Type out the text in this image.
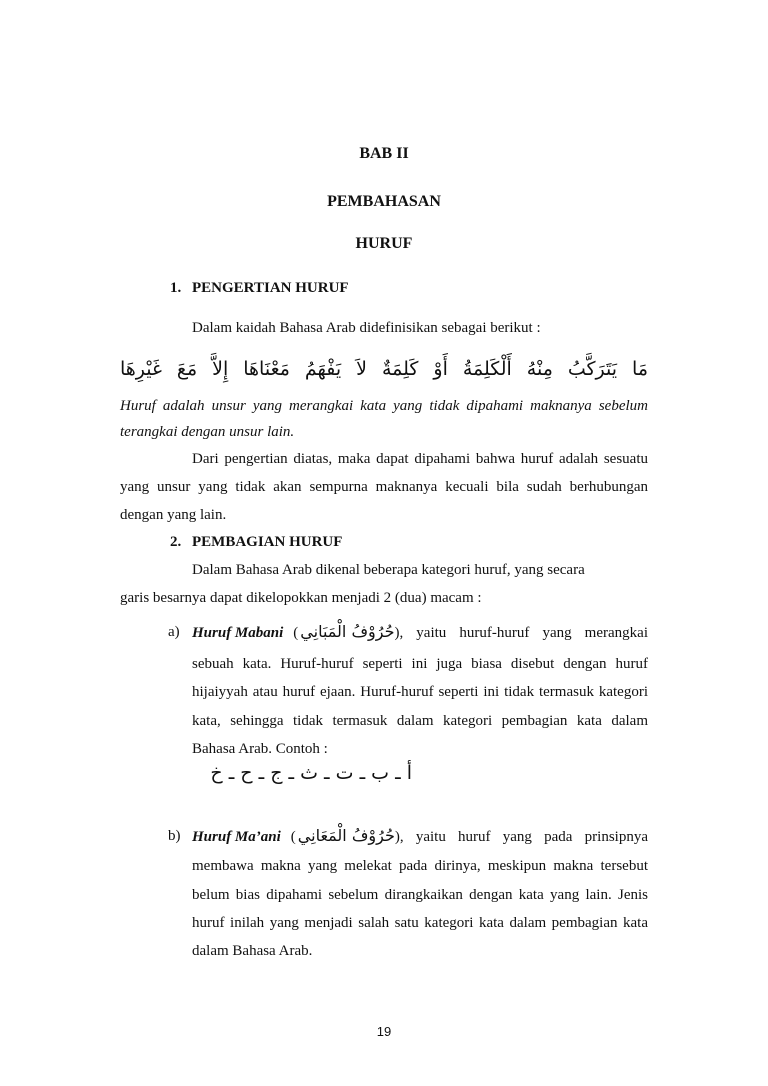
BAB II
PEMBAHASAN
HURUF
1. PENGERTIAN HURUF
Dalam kaidah Bahasa Arab didefinisikan sebagai berikut :
مَا يَتَرَكَّبُ مِنْهُ أَلْكَلِمَةُ أَوْ كَلِمَةٌ لاَ يَفْهَمُ مَعْنَاهَا إِلاَّ مَعَ غَيْرِهَا
Huruf adalah unsur yang merangkai kata yang tidak dipahami maknanya sebelum
terangkai dengan unsur lain.
Dari pengertian diatas, maka dapat dipahami bahwa huruf adalah sesuatu
yang unsur yang tidak akan sempurna maknanya kecuali bila sudah berhubungan
dengan yang lain.
2. PEMBAGIAN HURUF
Dalam Bahasa Arab dikenal beberapa kategori huruf, yang secara
garis besarnya dapat dikelopokkan menjadi 2 (dua) macam :
a) Huruf Mabani ( حُرُوْفُ الْمَبَانِي ), yaitu huruf-huruf yang merangkai
sebuah kata. Huruf-huruf seperti ini juga biasa disebut dengan huruf
hijaiyyah atau huruf ejaan. Huruf-huruf seperti ini tidak termasuk kategori
kata, sehingga tidak termasuk dalam kategori pembagian kata dalam
Bahasa Arab. Contoh :
أ ـ ب ـ ت ـ ث ـ ج ـ ح ـ خ
b) Huruf Ma’ani ( حُرُوْفُ الْمَعَانِي ), yaitu huruf yang pada prinsipnya
membawa makna yang melekat pada dirinya, meskipun makna tersebut
belum bias dipahami sebelum dirangkaikan dengan kata yang lain. Jenis
huruf inilah yang menjadi salah satu kategori kata dalam pembagian kata
dalam Bahasa Arab.
19
